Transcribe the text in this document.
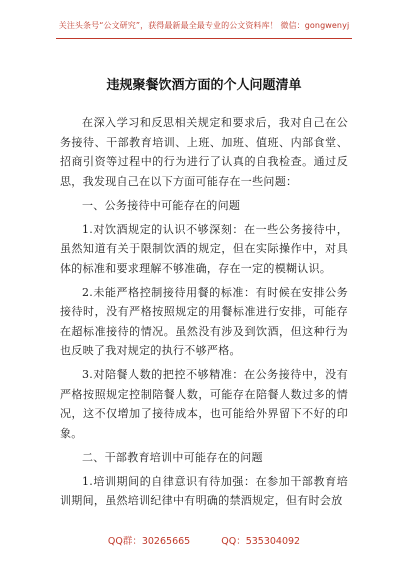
关注头条号“公文研究”，获得最新最全最专业的公文资料库！ 微信：gongwenyj
违规聚餐饮酒方面的个人问题清单

在深入学习和反思相关规定和要求后，我对自己在公务接待、干部教育培训、上班、加班、值班、内部食堂、招商引资等过程中的行为进行了认真的自我检查。通过反思，我发现自己在以下方面可能存在一些问题：

一、公务接待中可能存在的问题

1.对饮酒规定的认识不够深刻：在一些公务接待中，虽然知道有关于限制饮酒的规定，但在实际操作中，对具体的标准和要求理解不够准确，存在一定的模糊认识。

2.未能严格控制接待用餐的标准：有时候在安排公务接待时，没有严格按照规定的用餐标准进行安排，可能存在超标准接待的情况。虽然没有涉及到饮酒，但这种行为也反映了我对规定的执行不够严格。

3.对陪餐人数的把控不够精准：在公务接待中，没有严格按照规定控制陪餐人数，可能存在陪餐人数过多的情况，这不仅增加了接待成本，也可能给外界留下不好的印象。

二、干部教育培训中可能存在的问题

1.培训期间的自律意识有待加强：在参加干部教育培训期间，虽然培训纪律中有明确的禁酒规定，但有时会放

QQ群：30265665	QQ：535304092
